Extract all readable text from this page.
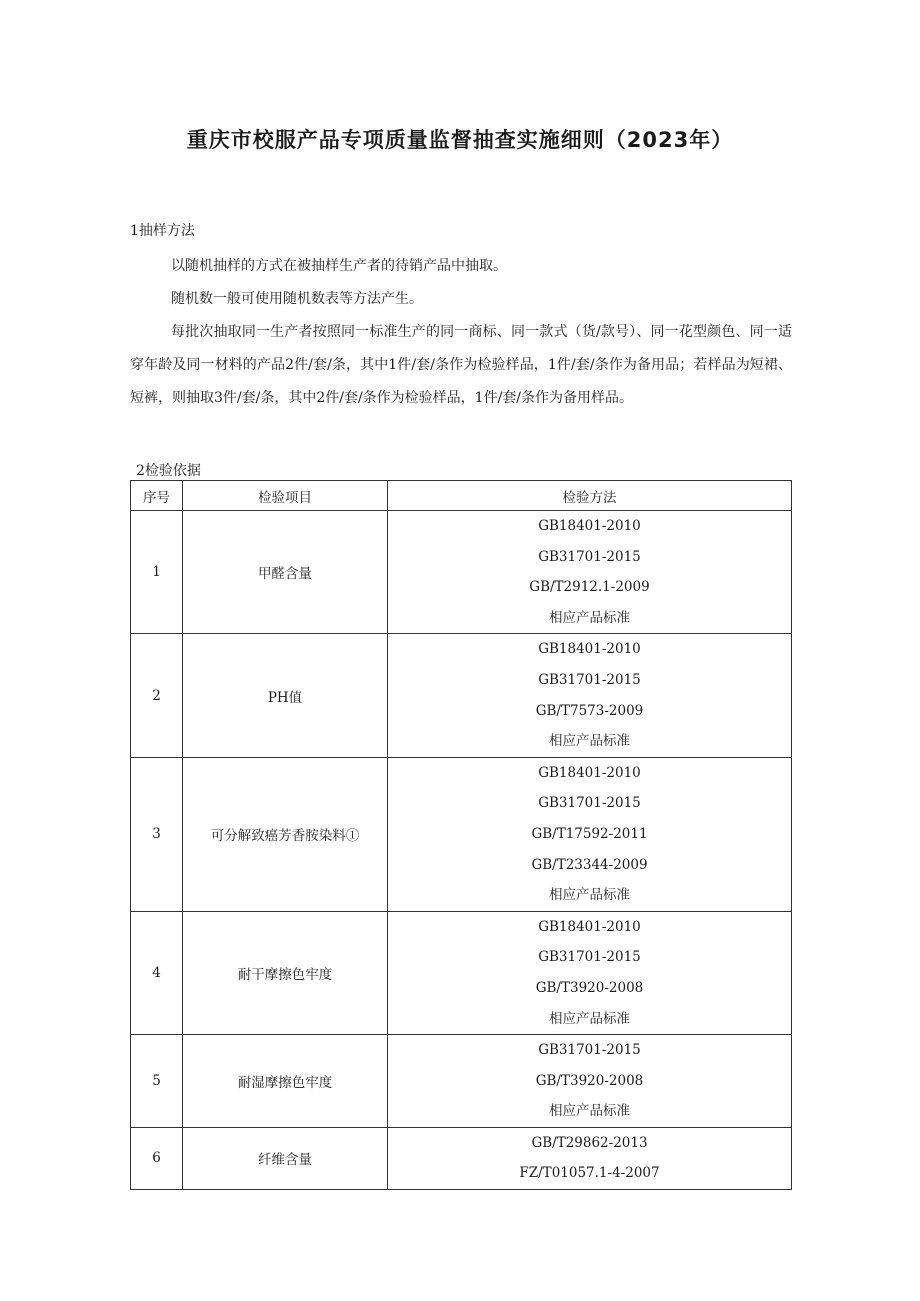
重庆市校服产品专项质量监督抽查实施细则（2023年）
1抽样方法
以随机抽样的方式在被抽样生产者的待销产品中抽取。
随机数一般可使用随机数表等方法产生。
每批次抽取同一生产者按照同一标准生产的同一商标、同一款式（货/款号）、同一花型颜色、同一适穿年龄及同一材料的产品2件/套/条，其中1件/套/条作为检验样品，1件/套/条作为备用品；若样品为短裙、短裤，则抽取3件/套/条，其中2件/套/条作为检验样品，1件/套/条作为备用样品。
2检验依据
序号	检验项目	检验方法
1	甲醛含量	GB18401-2010
GB31701-2015
GB/T2912.1-2009
相应产品标准

2	PH值	GB18401-2010
GB31701-2015
GB/T7573-2009
相应产品标准

3	可分解致癌芳香胺染料①	GB18401-2010
GB31701-2015
GB/T17592-2011
GB/T23344-2009
相应产品标准

4	耐干摩擦色牢度	GB18401-2010
GB31701-2015
GB/T3920-2008
相应产品标准

5	耐湿摩擦色牢度	GB31701-2015
GB/T3920-2008
相应产品标准

6	纤维含量	GB/T29862-2013
FZ/T01057.1-4-2007
